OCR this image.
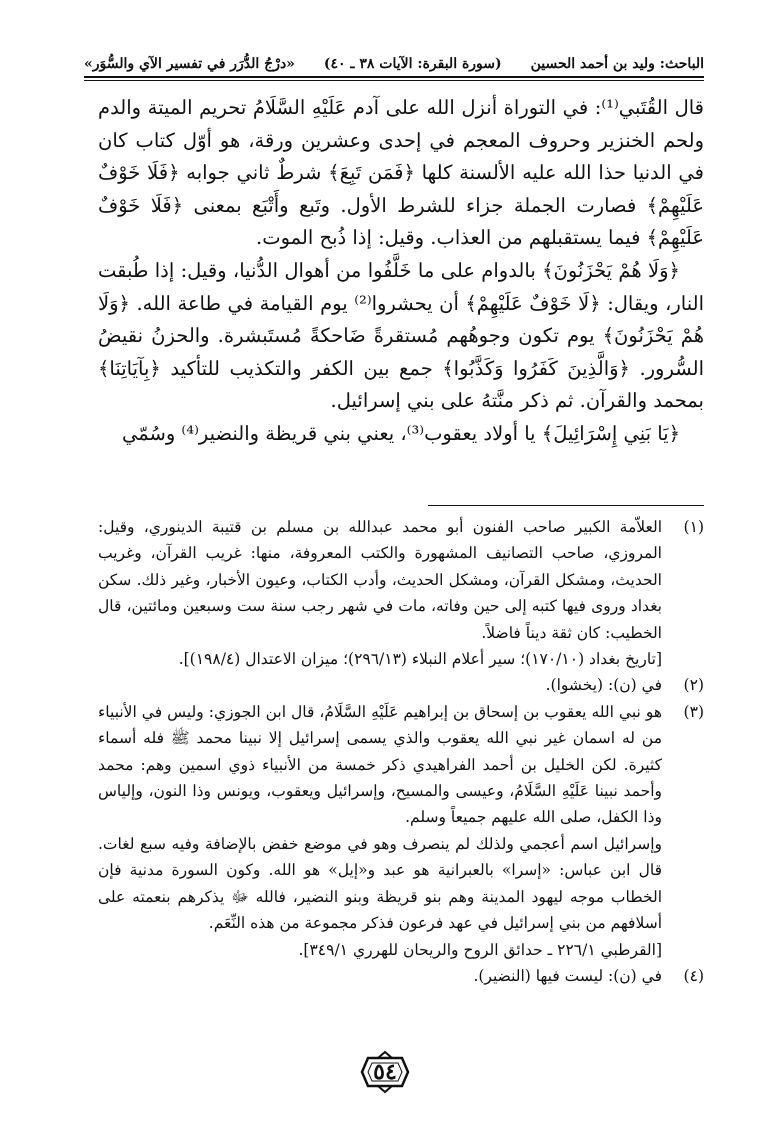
الباحث: وليد بن أحمد الحسين
(سورة البقرة: الآيات ٣٨ ـ ٤٠)
«درْجُ الدُّرَر في تفسير الآي والسُّوَر»

قال القُتَبي⁽¹⁾: في التوراة أنزل الله على آدم عَلَيْهِ السَّلَامُ تحريم الميتة والدم ولحم الخنزير وحروف المعجم في إحدى وعشرين ورقة، هو أوّل كتاب كان في الدنيا حذا الله عليه الألسنة كلها ﴿فَمَن تَبِعَ﴾ شرطٌ ثاني جوابه ﴿فَلَا خَوْفٌ عَلَيْهِمْ﴾ فصارت الجملة جزاء للشرط الأول. وتَبع وأَتْبَع بمعنى ﴿فَلَا خَوْفٌ عَلَيْهِمْ﴾ فيما يستقبلهم من العذاب. وقيل: إذا ذُبح الموت.

﴿وَلَا هُمْ يَحْزَنُونَ﴾ بالدوام على ما خَلَّفُوا من أهوال الدُّنيا، وقيل: إذا طُبقت النار، ويقال: ﴿لَا خَوْفٌ عَلَيْهِمْ﴾ أن يحشروا⁽²⁾ يوم القيامة في طاعة الله. ﴿وَلَا هُمْ يَحْزَنُونَ﴾ يوم تكون وجوهُهم مُستقرةً ضَاحكةً مُستَبشرة. والحزنُ نقيضُ السُّرور. ﴿وَالَّذِينَ كَفَرُوا وَكَذَّبُوا﴾ جمع بين الكفر والتكذيب للتأكيد ﴿بِآيَاتِنَا﴾ بمحمد والقرآن. ثم ذكر منَّتهُ على بني إسرائيل.

﴿يَا بَنِي إِسْرَائِيلَ﴾ يا أولاد يعقوب⁽³⁾، يعني بني قريظة والنضير⁽⁴⁾ وسُمّي

(١)

العلاّمة الكبير صاحب الفنون أبو محمد عبدالله بن مسلم بن قتيبة الدينوري، وقيل: المروزي، صاحب التصانيف المشهورة والكتب المعروفة، منها: غريب القرآن، وغريب الحديث، ومشكل القرآن، ومشكل الحديث، وأدب الكتاب، وعيون الأخبار، وغير ذلك. سكن بغداد وروى فيها كتبه إلى حين وفاته، مات في شهر رجب سنة ست وسبعين ومائتين، قال الخطيب: كان ثقة ديناً فاضلاً.

[تاريخ بغداد (١٧٠/١٠)؛ سير أعلام النبلاء (٢٩٦/١٣)؛ ميزان الاعتدال (١٩٨/٤)].

(٢)

في (ن): (يخشوا).

(٣)

هو نبي الله يعقوب بن إسحاق بن إبراهيم عَلَيْهِ السَّلَامُ، قال ابن الجوزي: وليس في الأنبياء من له اسمان غير نبي الله يعقوب والذي يسمى إسرائيل إلا نبينا محمد ﷺ فله أسماء كثيرة. لكن الخليل بن أحمد الفراهيدي ذكر خمسة من الأنبياء ذوي اسمين وهم: محمد وأحمد نبينا عَلَيْهِ السَّلَامُ، وعيسى والمسيح، وإسرائيل ويعقوب، ويونس وذا النون، وإلياس وذا الكفل، صلى الله عليهم جميعاً وسلم.

وإسرائيل اسم أعجمي ولذلك لم ينصرف وهو في موضع خفض بالإضافة وفيه سبع لغات. قال ابن عباس: «إسرا» بالعبرانية هو عبد و«إيل» هو الله. وكون السورة مدنية فإن الخطاب موجه ليهود المدينة وهم بنو قريظة وبنو النضير، فالله ﷻ يذكرهم بنعمته على أسلافهم من بني إسرائيل في عهد فرعون فذكر مجموعة من هذه النِّعَم.

[القرطبي ٢٢٦/١ ـ حدائق الروح والريحان للهرري ٣٤٩/١].

(٤)

في (ن): ليست فيها (النضير).

٥٤
